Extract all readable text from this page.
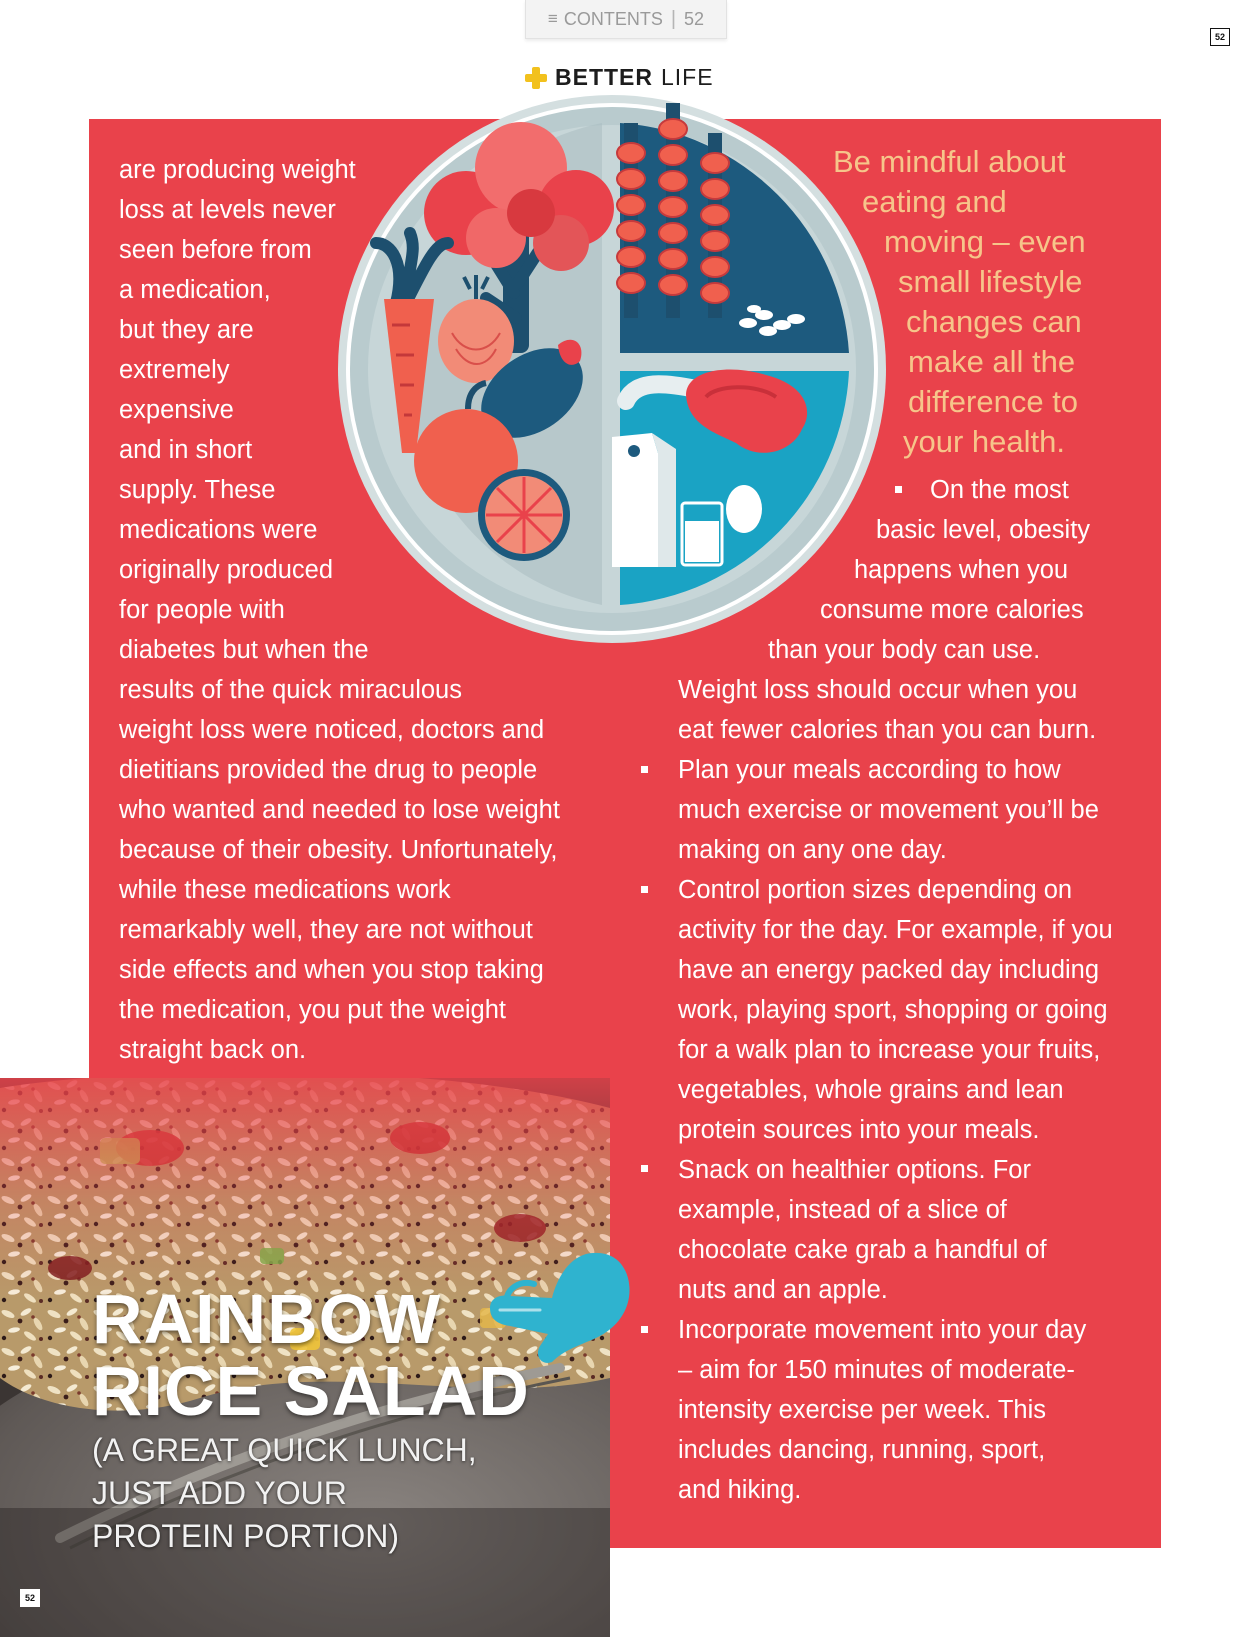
≡ CONTENTS | 52
52
BETTER LIFE
are producing weight
loss at levels never
seen before from
a medication,
but they are
extremely
expensive
and in short
supply. These
medications were
originally produced
for people with
diabetes but when the
results of the quick miraculous
weight loss were noticed, doctors and
dietitians provided the drug to people
who wanted and needed to lose weight
because of their obesity. Unfortunately,
while these medications work
remarkably well, they are not without
side effects and when you stop taking
the medication, you put the weight
straight back on.
Be mindful about
eating and
moving – even
small lifestyle
changes can
make all the
difference to
your health.
On the most
basic level, obesity
happens when you
consume more calories
than your body can use.
Weight loss should occur when you
eat fewer calories than you can burn.
Plan your meals according to how
much exercise or movement you’ll be
making on any one day.
Control portion sizes depending on
activity for the day. For example, if you
have an energy packed day including
work, playing sport, shopping or going
for a walk plan to increase your fruits,
vegetables, whole grains and lean
protein sources into your meals.
Snack on healthier options. For
example, instead of a slice of
chocolate cake grab a handful of
nuts and an apple.
Incorporate movement into your day
– aim for 150 minutes of moderate-
intensity exercise per week. This
includes dancing, running, sport,
and hiking.
RAINBOW
RICE SALAD
(A GREAT QUICK LUNCH,
JUST ADD YOUR
PROTEIN PORTION)
52
